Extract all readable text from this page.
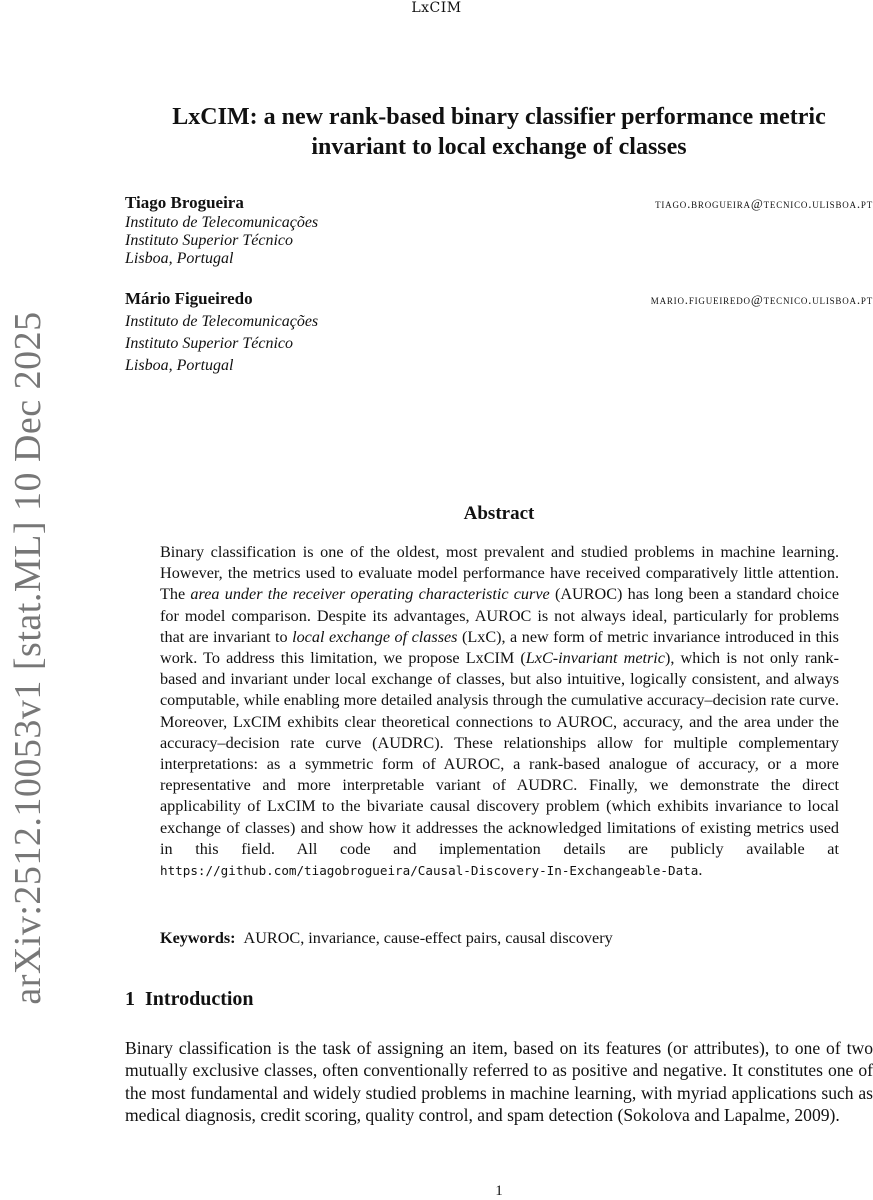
LxCIM
arXiv:2512.10053v1 [stat.ML] 10 Dec 2025
LxCIM: a new rank-based binary classifier performance metric invariant to local exchange of classes
Tiago Brogueira	tiago.brogueira@tecnico.ulisboa.pt
Instituto de Telecomunicações
Instituto Superior Técnico
Lisboa, Portugal
Mário Figueiredo	mario.figueiredo@tecnico.ulisboa.pt
Instituto de Telecomunicações
Instituto Superior Técnico
Lisboa, Portugal
Abstract
Binary classification is one of the oldest, most prevalent and studied problems in machine learning. However, the metrics used to evaluate model performance have received comparatively little attention. The area under the receiver operating characteristic curve (AUROC) has long been a standard choice for model comparison. Despite its advantages, AUROC is not always ideal, particularly for problems that are invariant to local exchange of classes (LxC), a new form of metric invariance introduced in this work. To address this limitation, we propose LxCIM (LxC-invariant metric), which is not only rank-based and invariant under local exchange of classes, but also intuitive, logically consistent, and always computable, while enabling more detailed analysis through the cumulative accuracy–decision rate curve. Moreover, LxCIM exhibits clear theoretical connections to AUROC, accuracy, and the area under the accuracy–decision rate curve (AUDRC). These relationships allow for multiple complementary interpretations: as a symmetric form of AUROC, a rank-based analogue of accuracy, or a more representative and more interpretable variant of AUDRC. Finally, we demonstrate the direct applicability of LxCIM to the bivariate causal discovery problem (which exhibits invariance to local exchange of classes) and show how it addresses the acknowledged limitations of existing metrics used in this field. All code and implementation details are publicly available at https://github.com/tiagobrogueira/Causal-Discovery-In-Exchangeable-Data.
Keywords: AUROC, invariance, cause-effect pairs, causal discovery
1 Introduction
Binary classification is the task of assigning an item, based on its features (or attributes), to one of two mutually exclusive classes, often conventionally referred to as positive and negative. It constitutes one of the most fundamental and widely studied problems in machine learning, with myriad applications such as medical diagnosis, credit scoring, quality control, and spam detection (Sokolova and Lapalme, 2009).
1
